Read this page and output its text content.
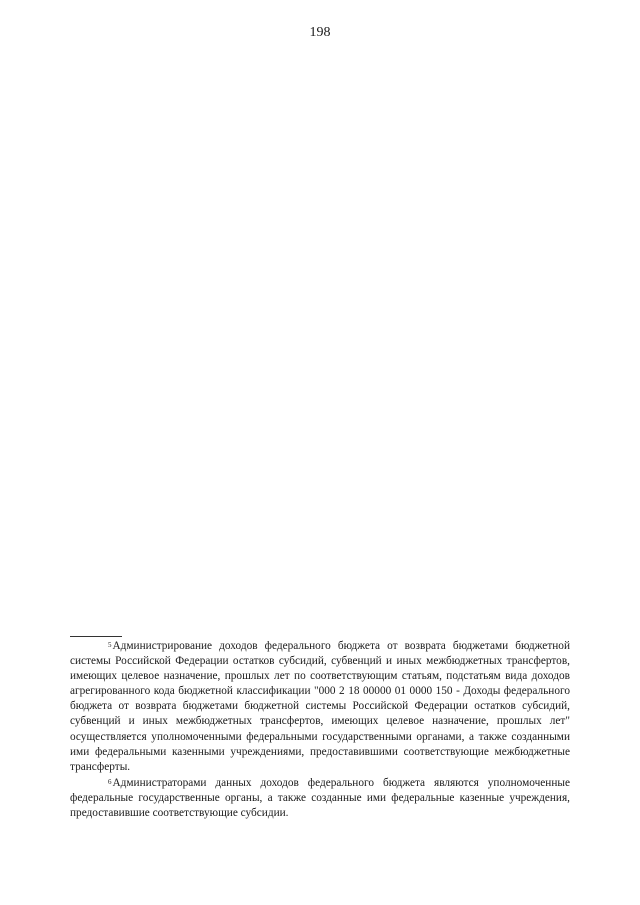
198

$^5$Администрирование доходов федерального бюджета от возврата бюджетами бюджетной системы Российской Федерации остатков субсидий, субвенций и иных межбюджетных трансфертов, имеющих целевое назначение, прошлых лет по соответствующим статьям, подстатьям вида доходов агрегированного кода бюджетной классификации "000 2 18 00000 01 0000 150 - Доходы федерального бюджета от возврата бюджетами бюджетной системы Российской Федерации остатков субсидий, субвенций и иных межбюджетных трансфертов, имеющих целевое назначение, прошлых лет" осуществляется уполномоченными федеральными государственными органами, а также созданными ими федеральными казенными учреждениями, предоставившими соответствующие межбюджетные трансферты.

$^6$Администраторами данных доходов федерального бюджета являются уполномоченные федеральные государственные органы, а также созданные ими федеральные казенные учреждения, предоставившие соответствующие субсидии.
